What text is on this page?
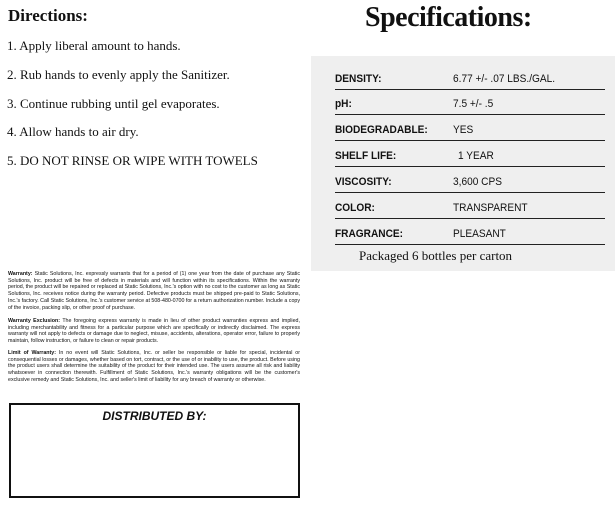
Directions:
1. Apply liberal amount to hands.
2. Rub hands to evenly apply the Sanitizer.
3. Continue rubbing until gel evaporates.
4. Allow hands to air dry.
5. DO NOT RINSE OR WIPE WITH TOWELS
Specifications:
DENSITY:	6.77 +/- .07 LBS./GAL.
pH:	7.5 +/- .5
BIODEGRADABLE: YES
SHELF LIFE:	1 YEAR
VISCOSITY:	3,600 CPS
COLOR:	TRANSPARENT
FRAGRANCE:	PLEASANT
Packaged 6 bottles per carton
Warranty: Static Solutions, Inc. expressly warrants that for a period of (1) one year from the date of purchase any Static Solutions, Inc. product will be free of defects in materials and will function within its specifications. Within the warranty period, the product will be repaired or replaced at Static Solutions, Inc.'s option with no cost to the customer as long as Static Solutions, Inc. receives notice during the warranty period. Defective products must be shipped pre-paid to Static Solutions, Inc.'s factory. Call Static Solutions, Inc.'s customer service at 508-480-0700 for a return authorization number. Include a copy of the invoice, packing slip, or other proof of purchase.
Warranty Exclusion: The foregoing express warranty is made in lieu of other product warranties express and implied, including merchantability and fitness for a particular purpose which are specifically or indirectly disclaimed. The express warranty will not apply to defects or damage due to neglect, misuse, accidents, alterations, operator error, failure to properly maintain, follow instruction, or failure to clean or repair products.
Limit of Warranty: In no event will Static Solutions, Inc. or seller be responsible or liable for special, incidental or consequential losses or damages, whether based on tort, contract, or the use of or inability to use, the product. Before using the product users shall determine the suitability of the product for their intended use. The users assume all risk and liability whatsoever in connection therewith. Fulfillment of Static Solutions, Inc.'s warranty obligations will be the customer's exclusive remedy and Static Solutions, Inc. and seller's limit of liability for any breach of warranty or otherwise.
DISTRIBUTED BY:
